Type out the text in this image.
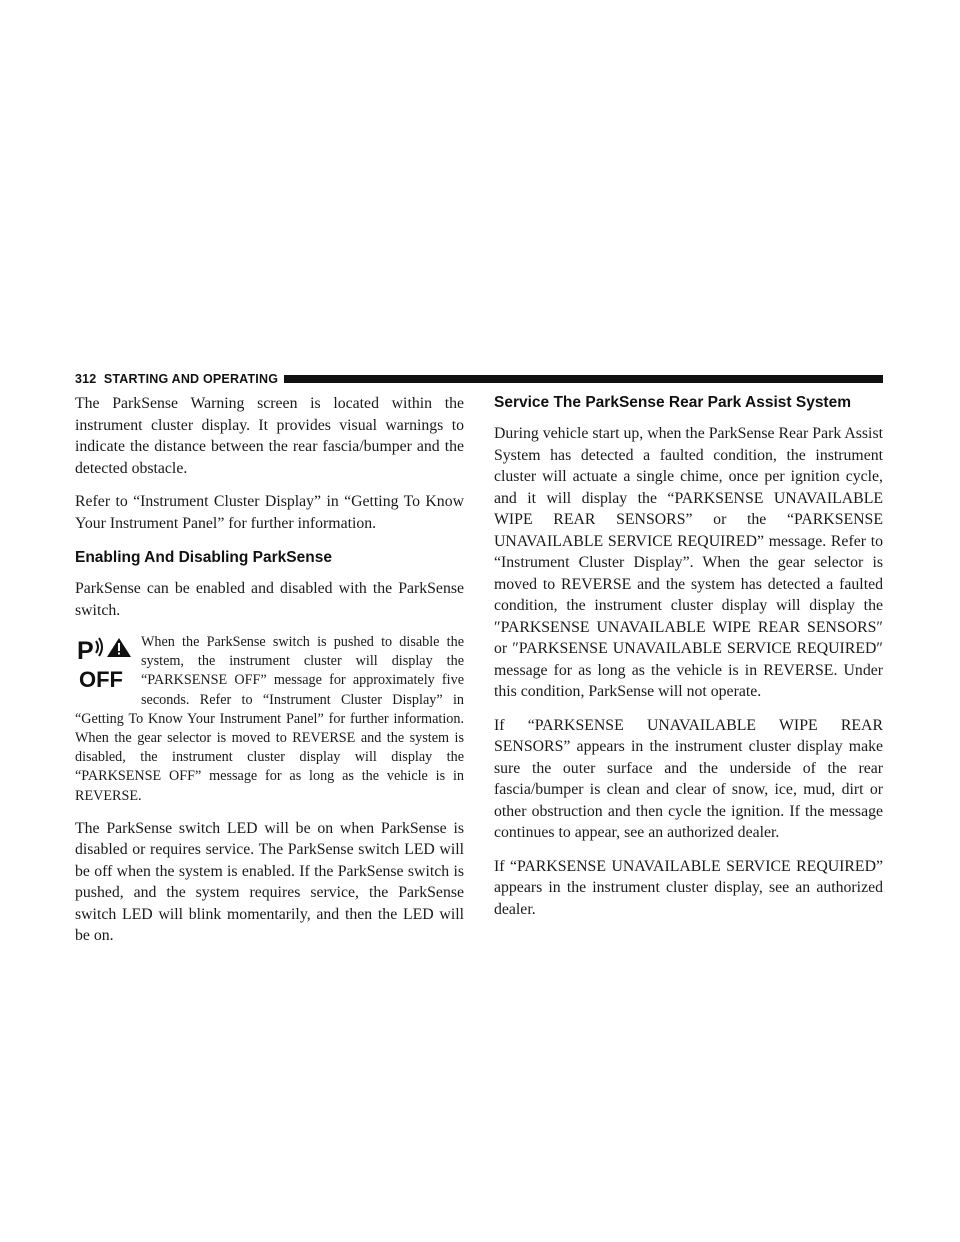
312 STARTING AND OPERATING

The ParkSense Warning screen is located within the instrument cluster display. It provides visual warnings to indicate the distance between the rear fascia/bumper and the detected obstacle.

Refer to “Instrument Cluster Display” in “Getting To Know Your Instrument Panel” for further information.

Enabling And Disabling ParkSense

ParkSense can be enabled and disabled with the ParkSense switch.

P
OFF
When the ParkSense switch is pushed to disable the system, the instrument cluster will display the “PARKSENSE OFF” message for approximately five seconds. Refer to “Instrument Cluster Display” in “Getting To Know Your Instrument Panel” for further information. When the gear selector is moved to REVERSE and the system is disabled, the instrument cluster display will display the “PARKSENSE OFF” message for as long as the vehicle is in REVERSE.

The ParkSense switch LED will be on when ParkSense is disabled or requires service. The ParkSense switch LED will be off when the system is enabled. If the ParkSense switch is pushed, and the system requires service, the ParkSense switch LED will blink momentarily, and then the LED will be on.

Service The ParkSense Rear Park Assist System

During vehicle start up, when the ParkSense Rear Park Assist System has detected a faulted condition, the instrument cluster will actuate a single chime, once per ignition cycle, and it will display the “PARKSENSE UNAVAILABLE WIPE REAR SENSORS” or the “PARKSENSE UNAVAILABLE SERVICE REQUIRED” message. Refer to “Instrument Cluster Display”. When the gear selector is moved to REVERSE and the system has detected a faulted condition, the instrument cluster display will display the ″PARKSENSE UNAVAILABLE WIPE REAR SENSORS″ or ″PARKSENSE UNAVAILABLE SERVICE REQUIRED″ message for as long as the vehicle is in REVERSE. Under this condition, ParkSense will not operate.

If “PARKSENSE UNAVAILABLE WIPE REAR SENSORS” appears in the instrument cluster display make sure the outer surface and the underside of the rear fascia/bumper is clean and clear of snow, ice, mud, dirt or other obstruction and then cycle the ignition. If the message continues to appear, see an authorized dealer.

If “PARKSENSE UNAVAILABLE SERVICE REQUIRED” appears in the instrument cluster display, see an authorized dealer.
